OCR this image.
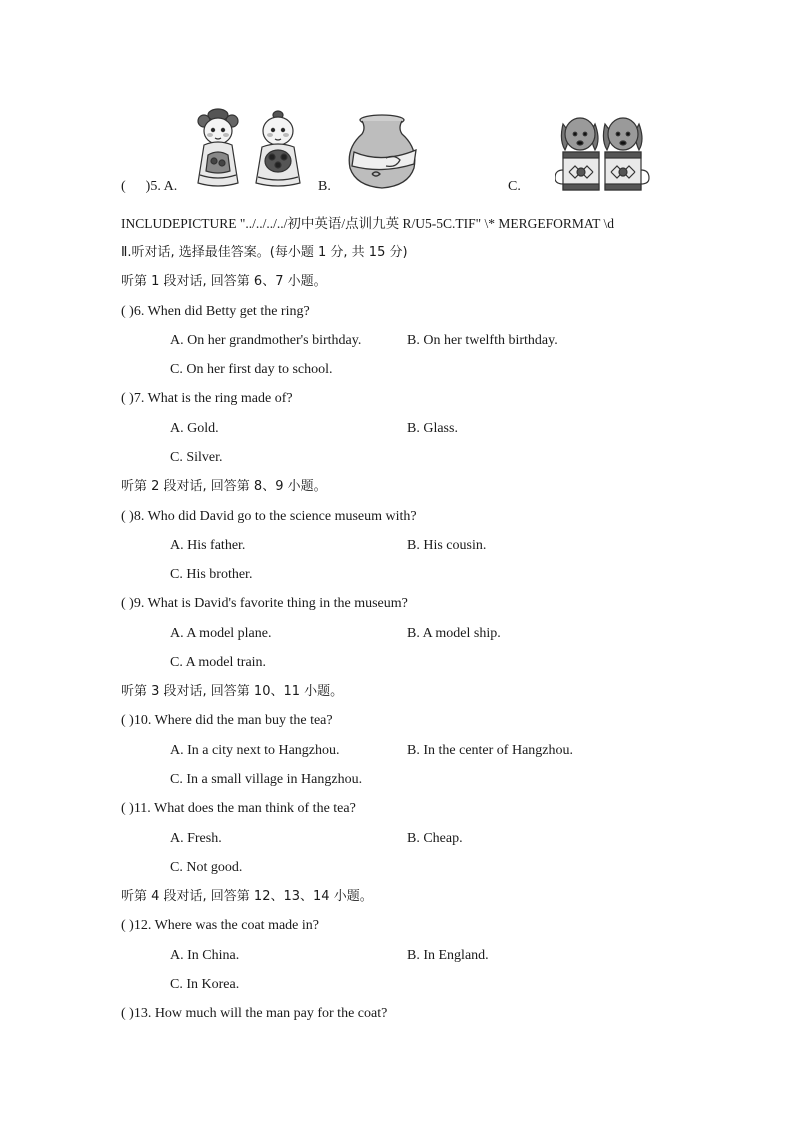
( )5. A.	B.	C.
INCLUDEPICTURE "../../../../初中英语/点训九英 R/U5-5C.TIF" \* MERGEFORMAT \d
Ⅱ.听对话, 选择最佳答案。(每小题 1 分, 共 15 分)
听第 1 段对话, 回答第 6、7 小题。
( )6. When did Betty get the ring?
A. On her grandmother's birthday.	B. On her twelfth birthday.
C. On her first day to school.
( )7. What is the ring made of?
A. Gold.	B. Glass.
C. Silver.
听第 2 段对话, 回答第 8、9 小题。
( )8. Who did David go to the science museum with?
A. His father.	B. His cousin.
C. His brother.
( )9. What is David's favorite thing in the museum?
A. A model plane.	B. A model ship.
C. A model train.
听第 3 段对话, 回答第 10、11 小题。
( )10. Where did the man buy the tea?
A. In a city next to Hangzhou.	B. In the center of Hangzhou.
C. In a small village in Hangzhou.
( )11. What does the man think of the tea?
A. Fresh.	B. Cheap.
C. Not good.
听第 4 段对话, 回答第 12、13、14 小题。
( )12. Where was the coat made in?
A. In China.	B. In England.
C. In Korea.
( )13. How much will the man pay for the coat?
